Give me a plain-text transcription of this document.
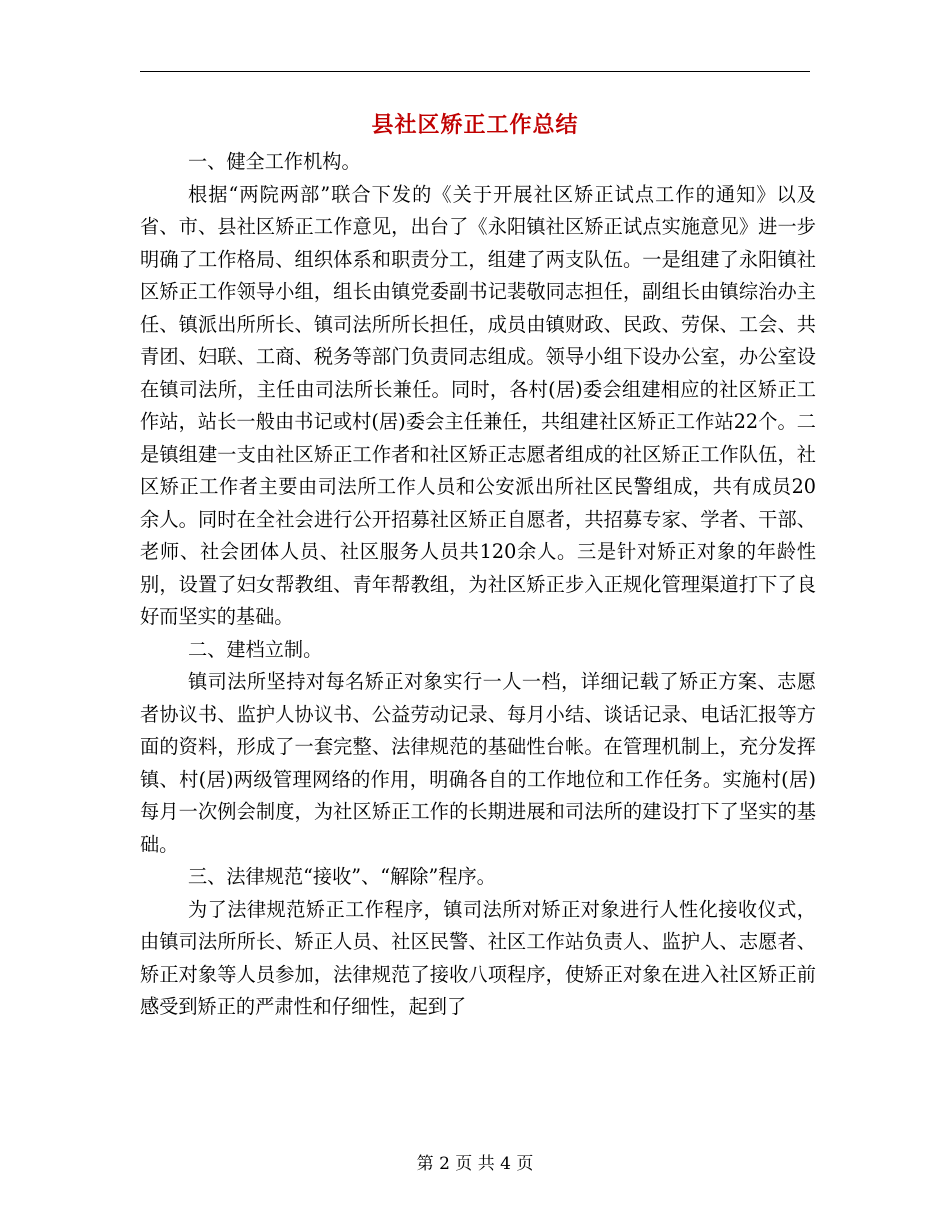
县社区矫正工作总结

一、健全工作机构。

根据“两院两部”联合下发的《关于开展社区矫正试点工作的通知》以及省、市、县社区矫正工作意见，出台了《永阳镇社区矫正试点实施意见》进一步明确了工作格局、组织体系和职责分工，组建了两支队伍。一是组建了永阳镇社区矫正工作领导小组，组长由镇党委副书记裴敬同志担任，副组长由镇综治办主任、镇派出所所长、镇司法所所长担任，成员由镇财政、民政、劳保、工会、共青团、妇联、工商、税务等部门负责同志组成。领导小组下设办公室，办公室设在镇司法所，主任由司法所长兼任。同时，各村(居)委会组建相应的社区矫正工作站，站长一般由书记或村(居)委会主任兼任，共组建社区矫正工作站22个。二是镇组建一支由社区矫正工作者和社区矫正志愿者组成的社区矫正工作队伍，社区矫正工作者主要由司法所工作人员和公安派出所社区民警组成，共有成员20余人。同时在全社会进行公开招募社区矫正自愿者，共招募专家、学者、干部、老师、社会团体人员、社区服务人员共120余人。三是针对矫正对象的年龄性别，设置了妇女帮教组、青年帮教组，为社区矫正步入正规化管理渠道打下了良好而坚实的基础。

二、建档立制。

镇司法所坚持对每名矫正对象实行一人一档，详细记载了矫正方案、志愿者协议书、监护人协议书、公益劳动记录、每月小结、谈话记录、电话汇报等方面的资料，形成了一套完整、法律规范的基础性台帐。在管理机制上，充分发挥镇、村(居)两级管理网络的作用，明确各自的工作地位和工作任务。实施村(居)每月一次例会制度，为社区矫正工作的长期进展和司法所的建设打下了坚实的基础。

三、法律规范“接收”、“解除”程序。

为了法律规范矫正工作程序，镇司法所对矫正对象进行人性化接收仪式，由镇司法所所长、矫正人员、社区民警、社区工作站负责人、监护人、志愿者、矫正对象等人员参加，法律规范了接收八项程序，使矫正对象在进入社区矫正前感受到矫正的严肃性和仔细性，起到了

第 2 页 共 4 页
